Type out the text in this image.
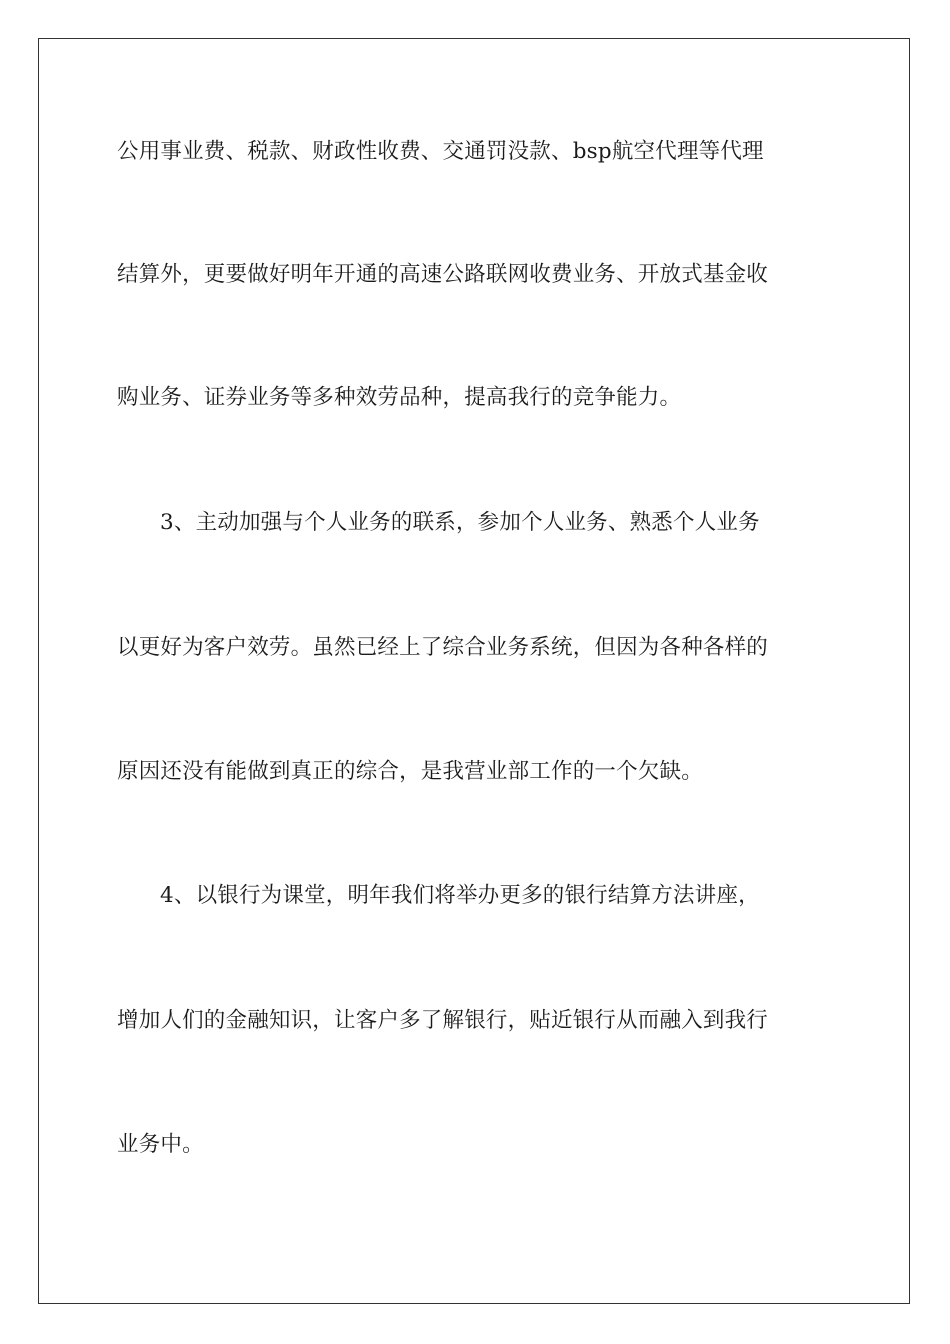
公用事业费、税款、财政性收费、交通罚没款、bsp航空代理等代理
结算外，更要做好明年开通的高速公路联网收费业务、开放式基金收
购业务、证券业务等多种效劳品种，提高我行的竞争能力。
3、主动加强与个人业务的联系，参加个人业务、熟悉个人业务
以更好为客户效劳。虽然已经上了综合业务系统，但因为各种各样的
原因还没有能做到真正的综合，是我营业部工作的一个欠缺。
4、以银行为课堂，明年我们将举办更多的银行结算方法讲座，
增加人们的金融知识，让客户多了解银行，贴近银行从而融入到我行
业务中。
